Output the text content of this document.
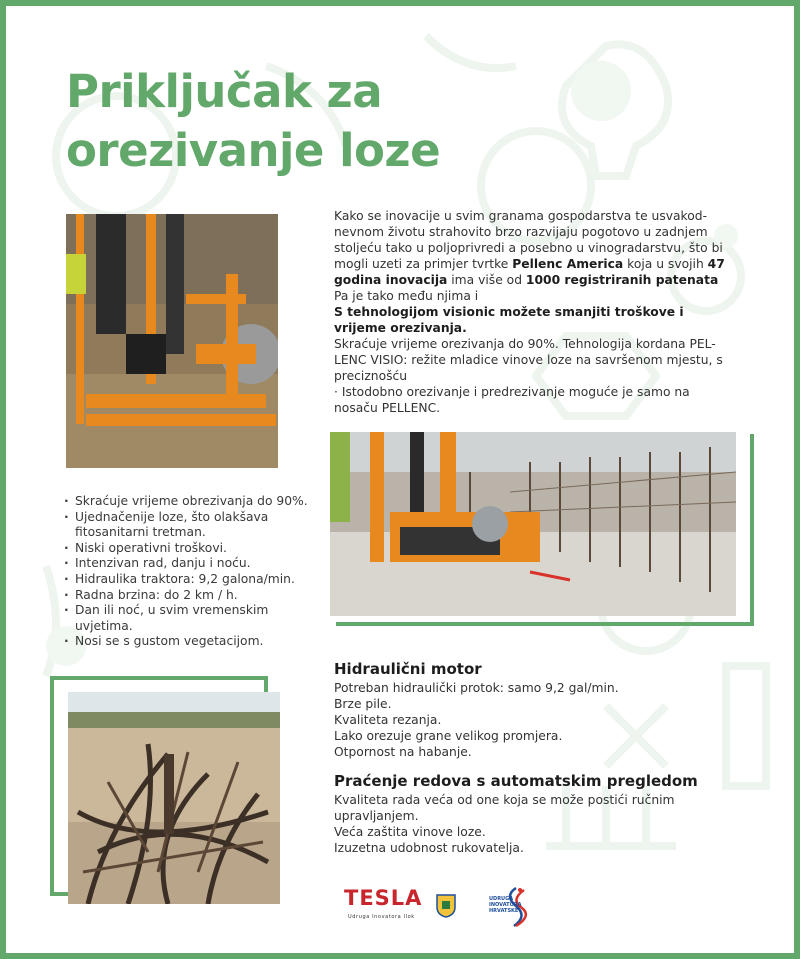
Priključak za
orezivanje loze

Kako se inovacije u svim granama gospodarstva te usvakodnevnom životu strahovito brzo razvijaju pogotovo u zadnjem stoljeću tako u poljoprivredi a posebno u vinogradarstvu, što bi mogli uzeti za primjer tvrtke Pellenc America koja u svojih 47 godina inovacija ima više od 1000 registriranih patenata

Pa je tako među njima i

S tehnologijom visionic možete smanjiti troškove i vrijeme orezivanja.

Skraćuje vrijeme orezivanja do 90%. Tehnologija kordana PEL-LENC VISIO: režite mladice vinove loze na savršenom mjestu, s preciznošću

· Istodobno orezivanje i predrezivanje moguće je samo na nosaču PELLENC.

· Skraćuje vrijeme obrezivanja do 90%.
· Ujednačenije loze, što olakšava fitosanitarni tretman.
· Niski operativni troškovi.
· Intenzivan rad, danju i noću.
· Hidraulika traktora: 9,2 galona/min.
· Radna brzina: do 2 km / h.
· Dan ili noć, u svim vremenskim uvjetima.
· Nosi se s gustom vegetacijom.
Hidraulični motor

Potreban hidraulički protok: samo 9,2 gal/min.

Brze pile.

Kvaliteta rezanja.

Lako orezuje grane velikog promjera.

Otpornost na habanje.

Praćenje redova s automatskim pregledom

Kvaliteta rada veća od one koja se može postići ručnim upravljanjem.

Veća zaštita vinove loze.

Izuzetna udobnost rukovatelja.

TESLA
Udruga Inovatora Ilok
UDRUGA
INOVATORA
HRVATSKE
